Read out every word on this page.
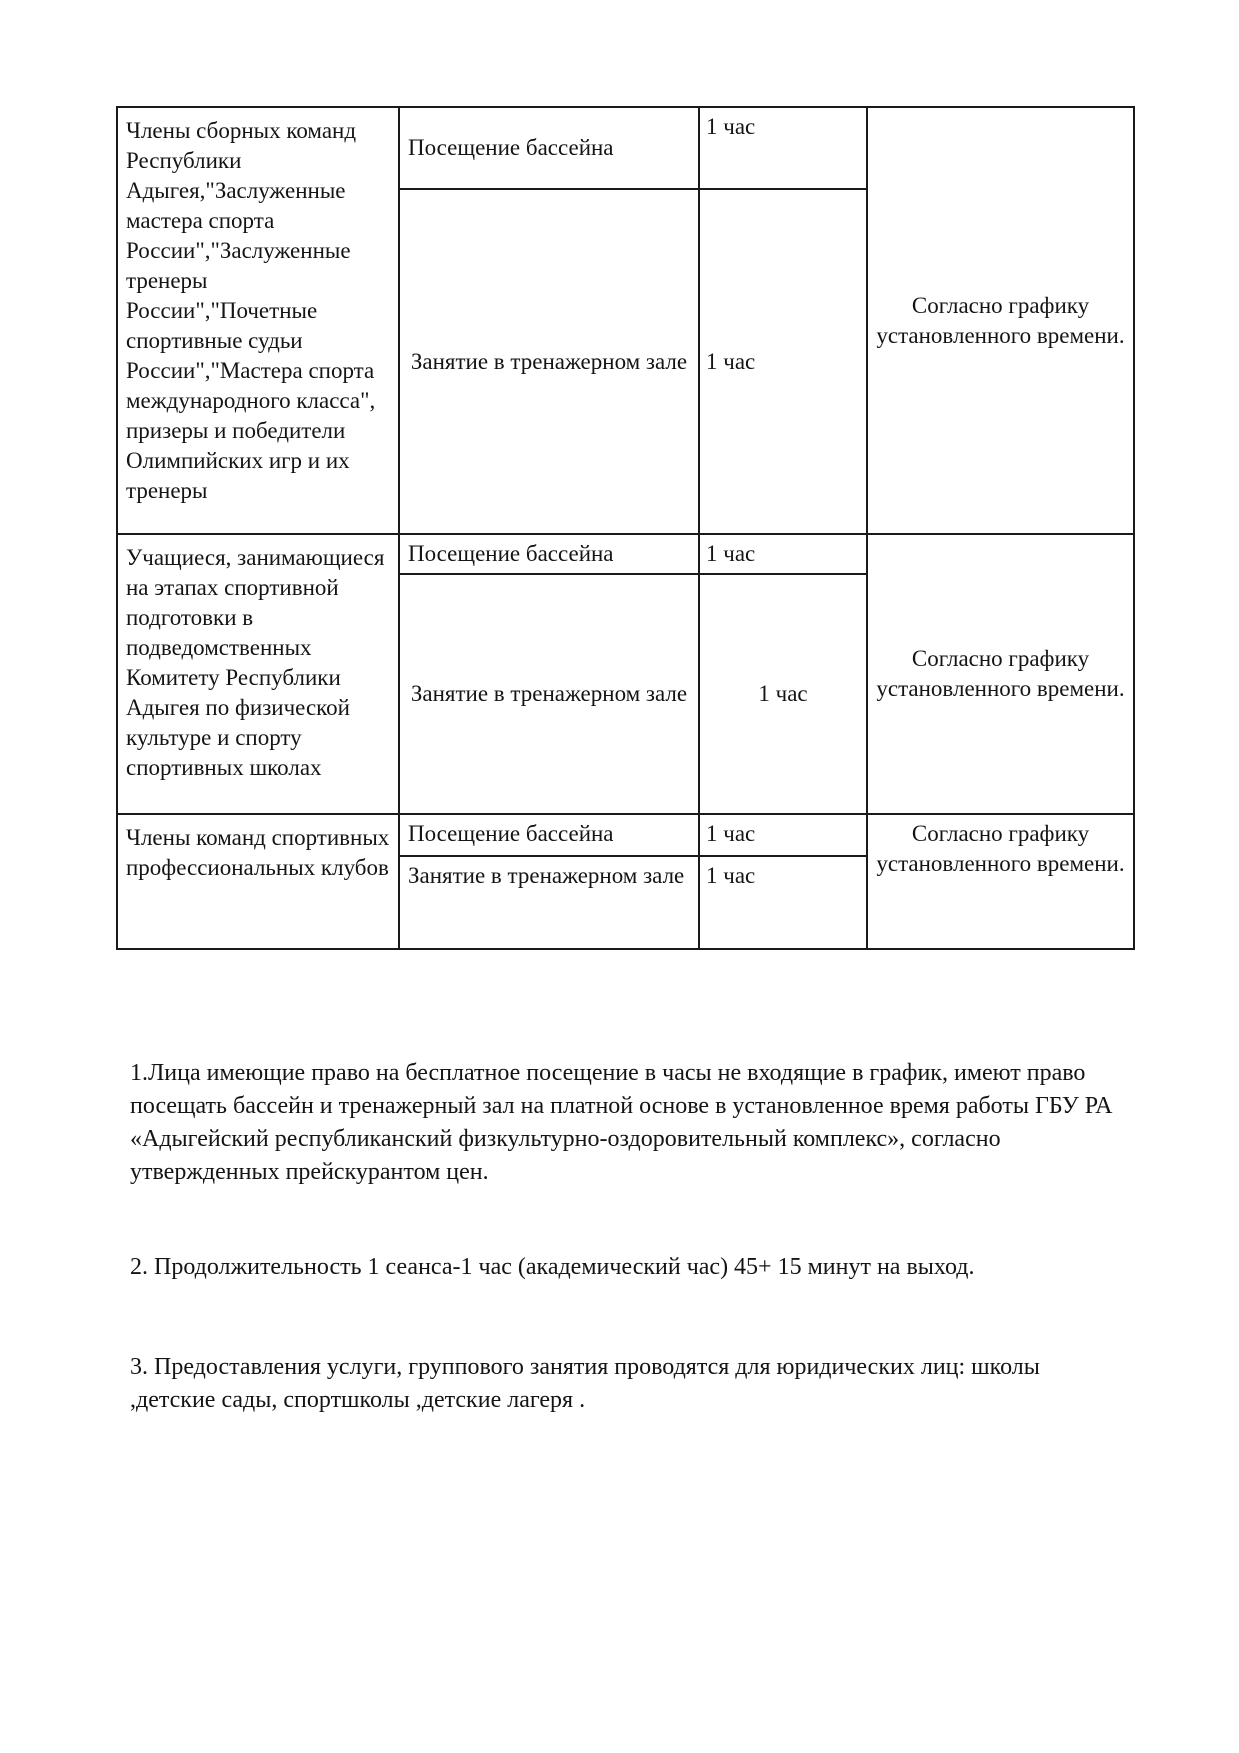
Члены сборных команд Республики Адыгея,"Заслуженные мастера спорта России","Заслуженные тренеры России","Почетные спортивные судьи России","Мастера спорта международного класса", призеры и победители Олимпийских игр и их тренеры	Посещение бассейна	1 час	Согласно графику установленного времени.
	Занятие в тренажерном зале	1 час	
Учащиеся, занимающиеся на этапах спортивной подготовки в подведомственных Комитету Республики Адыгея по физической культуре и спорту спортивных школах	Посещение бассейна	1 час	Согласно графику установленного времени.
	Занятие в тренажерном зале	1 час	
Члены команд спортивных профессиональных клубов	Посещение бассейна	1 час	Согласно графику установленного времени.
	Занятие в тренажерном зале	1 час	

1.Лица имеющие право на бесплатное посещение в часы не входящие в график, имеют право посещать бассейн и тренажерный зал на платной основе в установленное время работы ГБУ РА «Адыгейский республиканский физкультурно-оздоровительный комплекс», согласно утвержденных прейскурантом цен.

2. Продолжительность 1 сеанса-1 час (академический час) 45+ 15 минут на выход.

3. Предоставления услуги, группового занятия проводятся для юридических лиц: школы ,детские сады, спортшколы ,детские лагеря .
